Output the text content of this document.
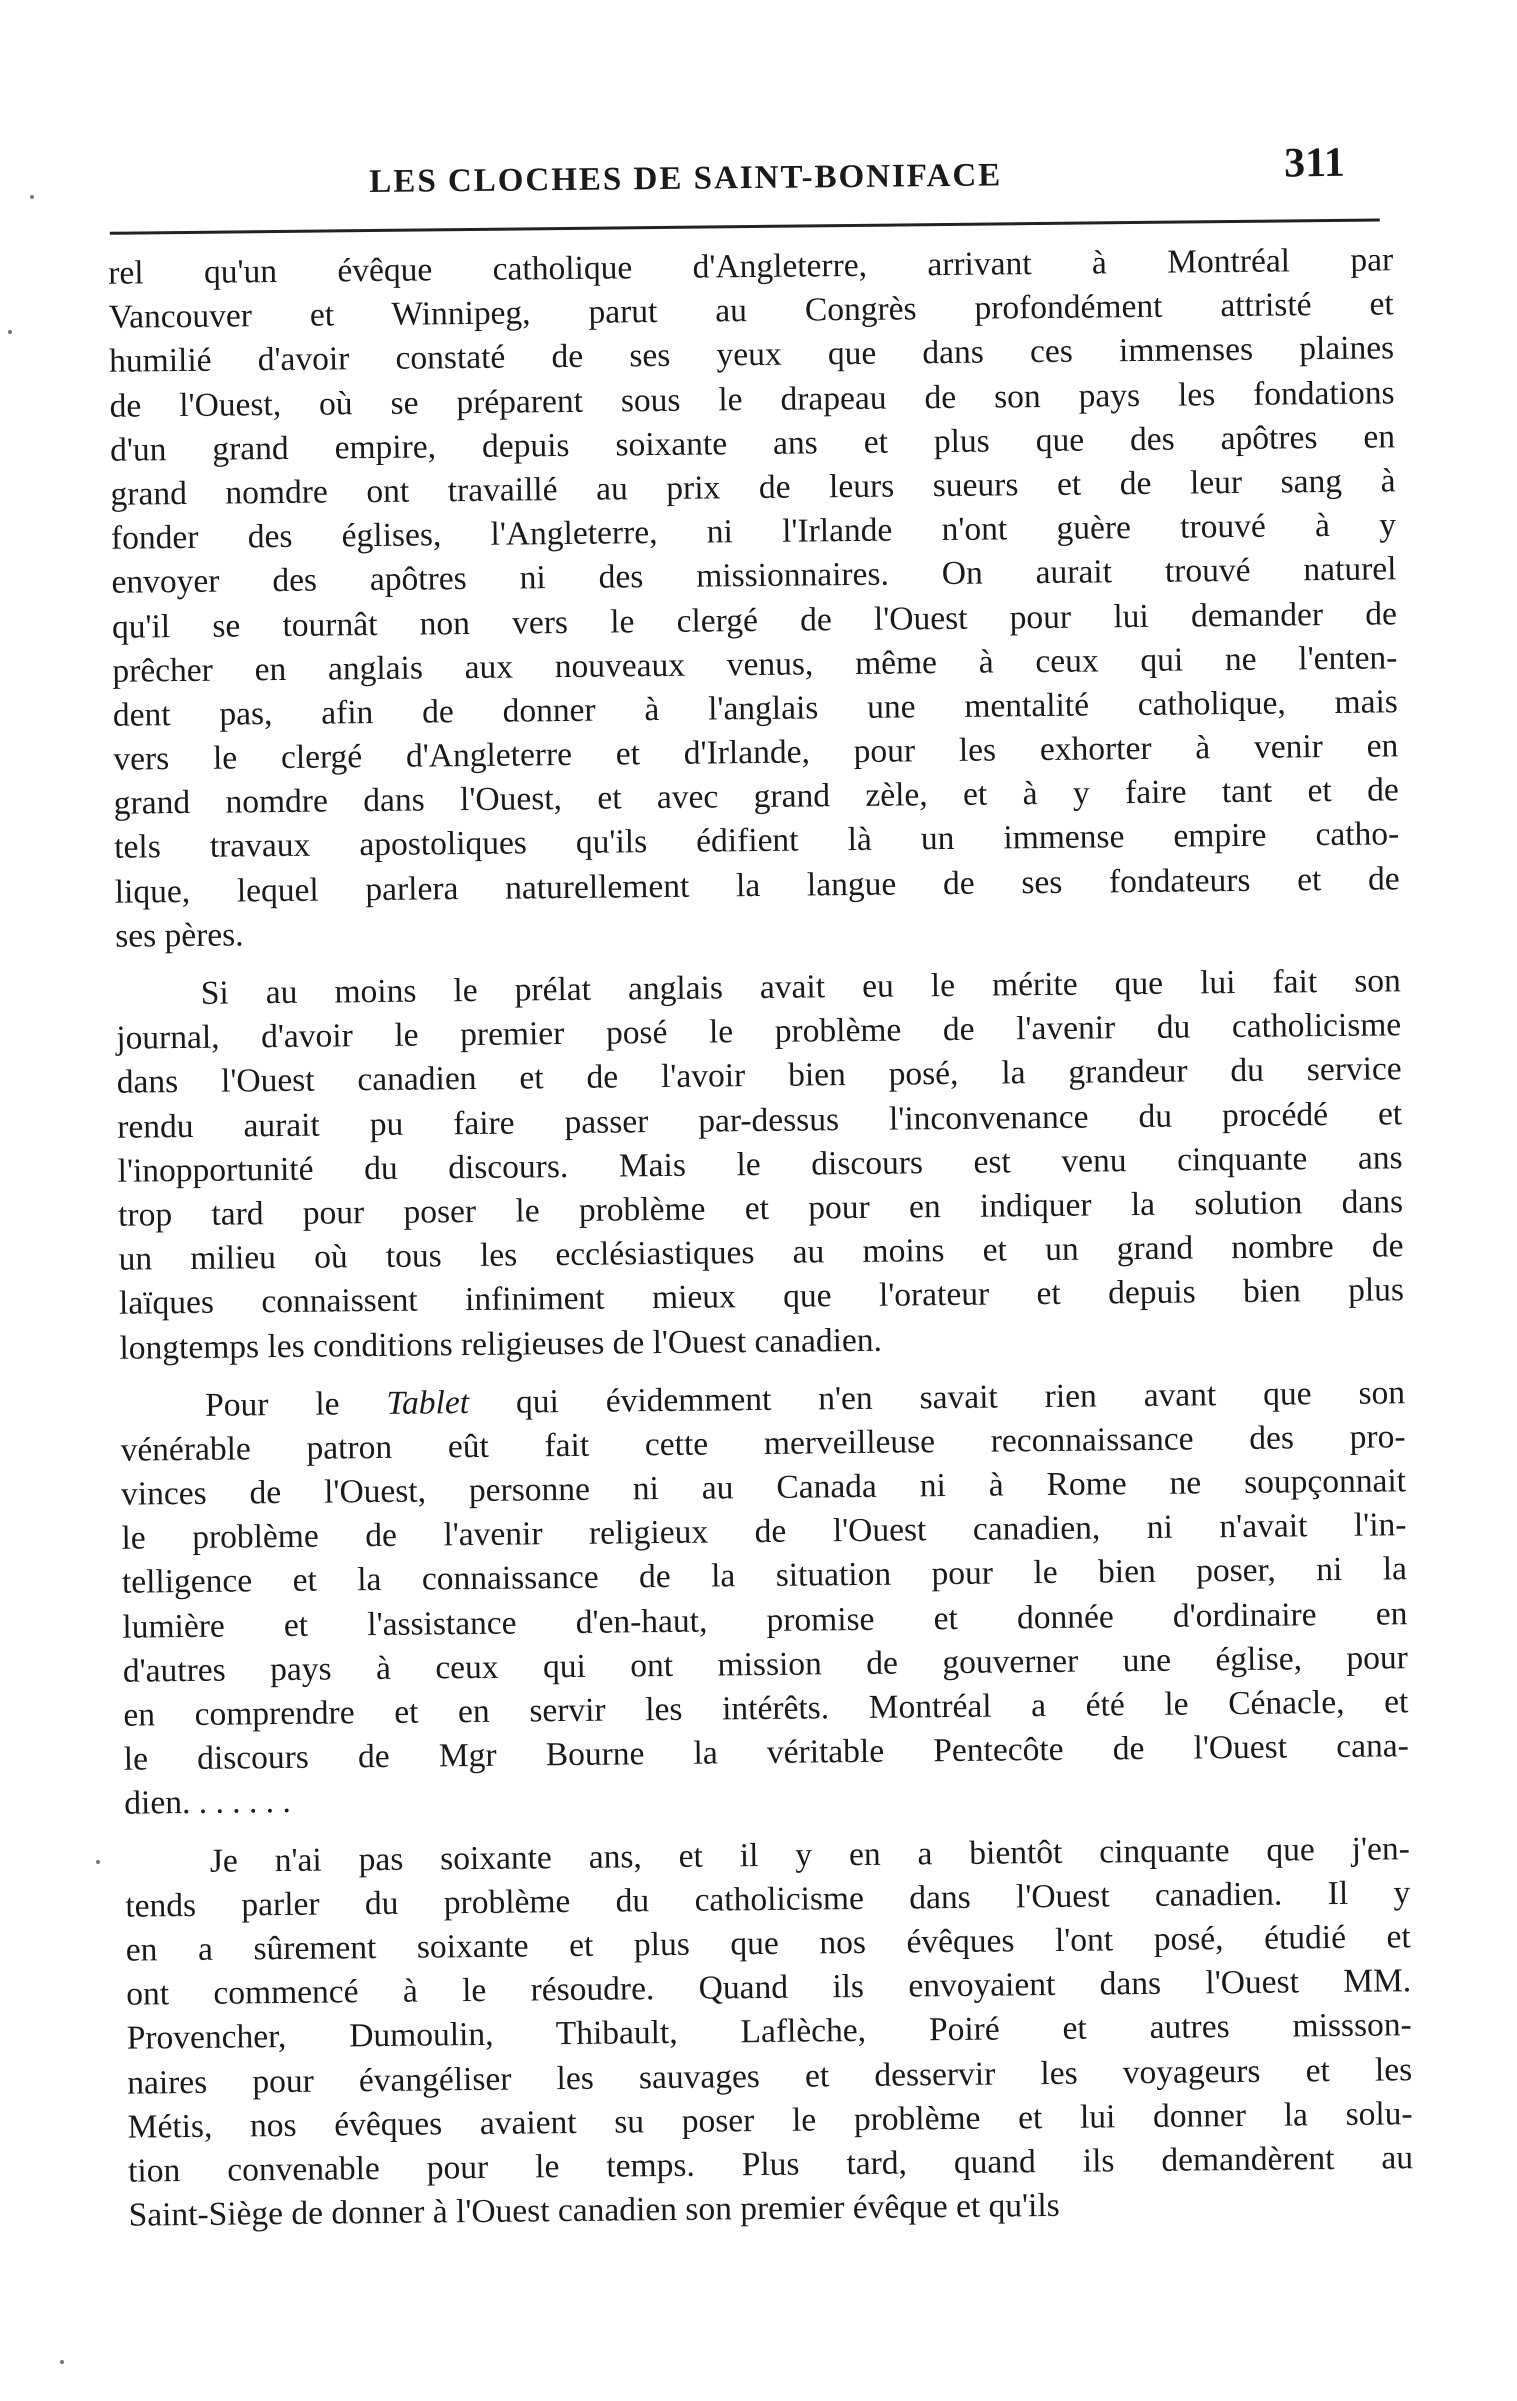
LES CLOCHES DE SAINT-BONIFACE	311
rel qu'un évêque catholique d'Angleterre, arrivant à Montréal par
Vancouver et Winnipeg, parut au Congrès profondément attristé et
humilié d'avoir constaté de ses yeux que dans ces immenses plaines
de l'Ouest, où se préparent sous le drapeau de son pays les fondations
d'un grand empire, depuis soixante ans et plus que des apôtres en
grand nomdre ont travaillé au prix de leurs sueurs et de leur sang à
fonder des églises, l'Angleterre, ni l'Irlande n'ont guère trouvé à y
envoyer des apôtres ni des missionnaires. On aurait trouvé naturel
qu'il se tournât non vers le clergé de l'Ouest pour lui demander de
prêcher en anglais aux nouveaux venus, même à ceux qui ne l'enten-
dent pas, afin de donner à l'anglais une mentalité catholique, mais
vers le clergé d'Angleterre et d'Irlande, pour les exhorter à venir en
grand nomdre dans l'Ouest, et avec grand zèle, et à y faire tant et de
tels travaux apostoliques qu'ils édifient là un immense empire catho-
lique, lequel parlera naturellement la langue de ses fondateurs et de
ses pères.
Si au moins le prélat anglais avait eu le mérite que lui fait son
journal, d'avoir le premier posé le problème de l'avenir du catholicisme
dans l'Ouest canadien et de l'avoir bien posé, la grandeur du service
rendu aurait pu faire passer par-dessus l'inconvenance du procédé et
l'inopportunité du discours. Mais le discours est venu cinquante ans
trop tard pour poser le problème et pour en indiquer la solution dans
un milieu où tous les ecclésiastiques au moins et un grand nombre de
laïques connaissent infiniment mieux que l'orateur et depuis bien plus
longtemps les conditions religieuses de l'Ouest canadien.
Pour le Tablet qui évidemment n'en savait rien avant que son
vénérable patron eût fait cette merveilleuse reconnaissance des pro-
vinces de l'Ouest, personne ni au Canada ni à Rome ne soupçonnait
le problème de l'avenir religieux de l'Ouest canadien, ni n'avait l'in-
telligence et la connaissance de la situation pour le bien poser, ni la
lumière et l'assistance d'en-haut, promise et donnée d'ordinaire en
d'autres pays à ceux qui ont mission de gouverner une église, pour
en comprendre et en servir les intérêts. Montréal a été le Cénacle, et
le discours de Mgr Bourne la véritable Pentecôte de l'Ouest cana-
dien. . . . . . .
Je n'ai pas soixante ans, et il y en a bientôt cinquante que j'en-
tends parler du problème du catholicisme dans l'Ouest canadien. Il y
en a sûrement soixante et plus que nos évêques l'ont posé, étudié et
ont commencé à le résoudre. Quand ils envoyaient dans l'Ouest MM.
Provencher, Dumoulin, Thibault, Laflèche, Poiré et autres missson-
naires pour évangéliser les sauvages et desservir les voyageurs et les
Métis, nos évêques avaient su poser le problème et lui donner la solu-
tion convenable pour le temps. Plus tard, quand ils demandèrent au
Saint-Siège de donner à l'Ouest canadien son premier évêque et qu'ils
